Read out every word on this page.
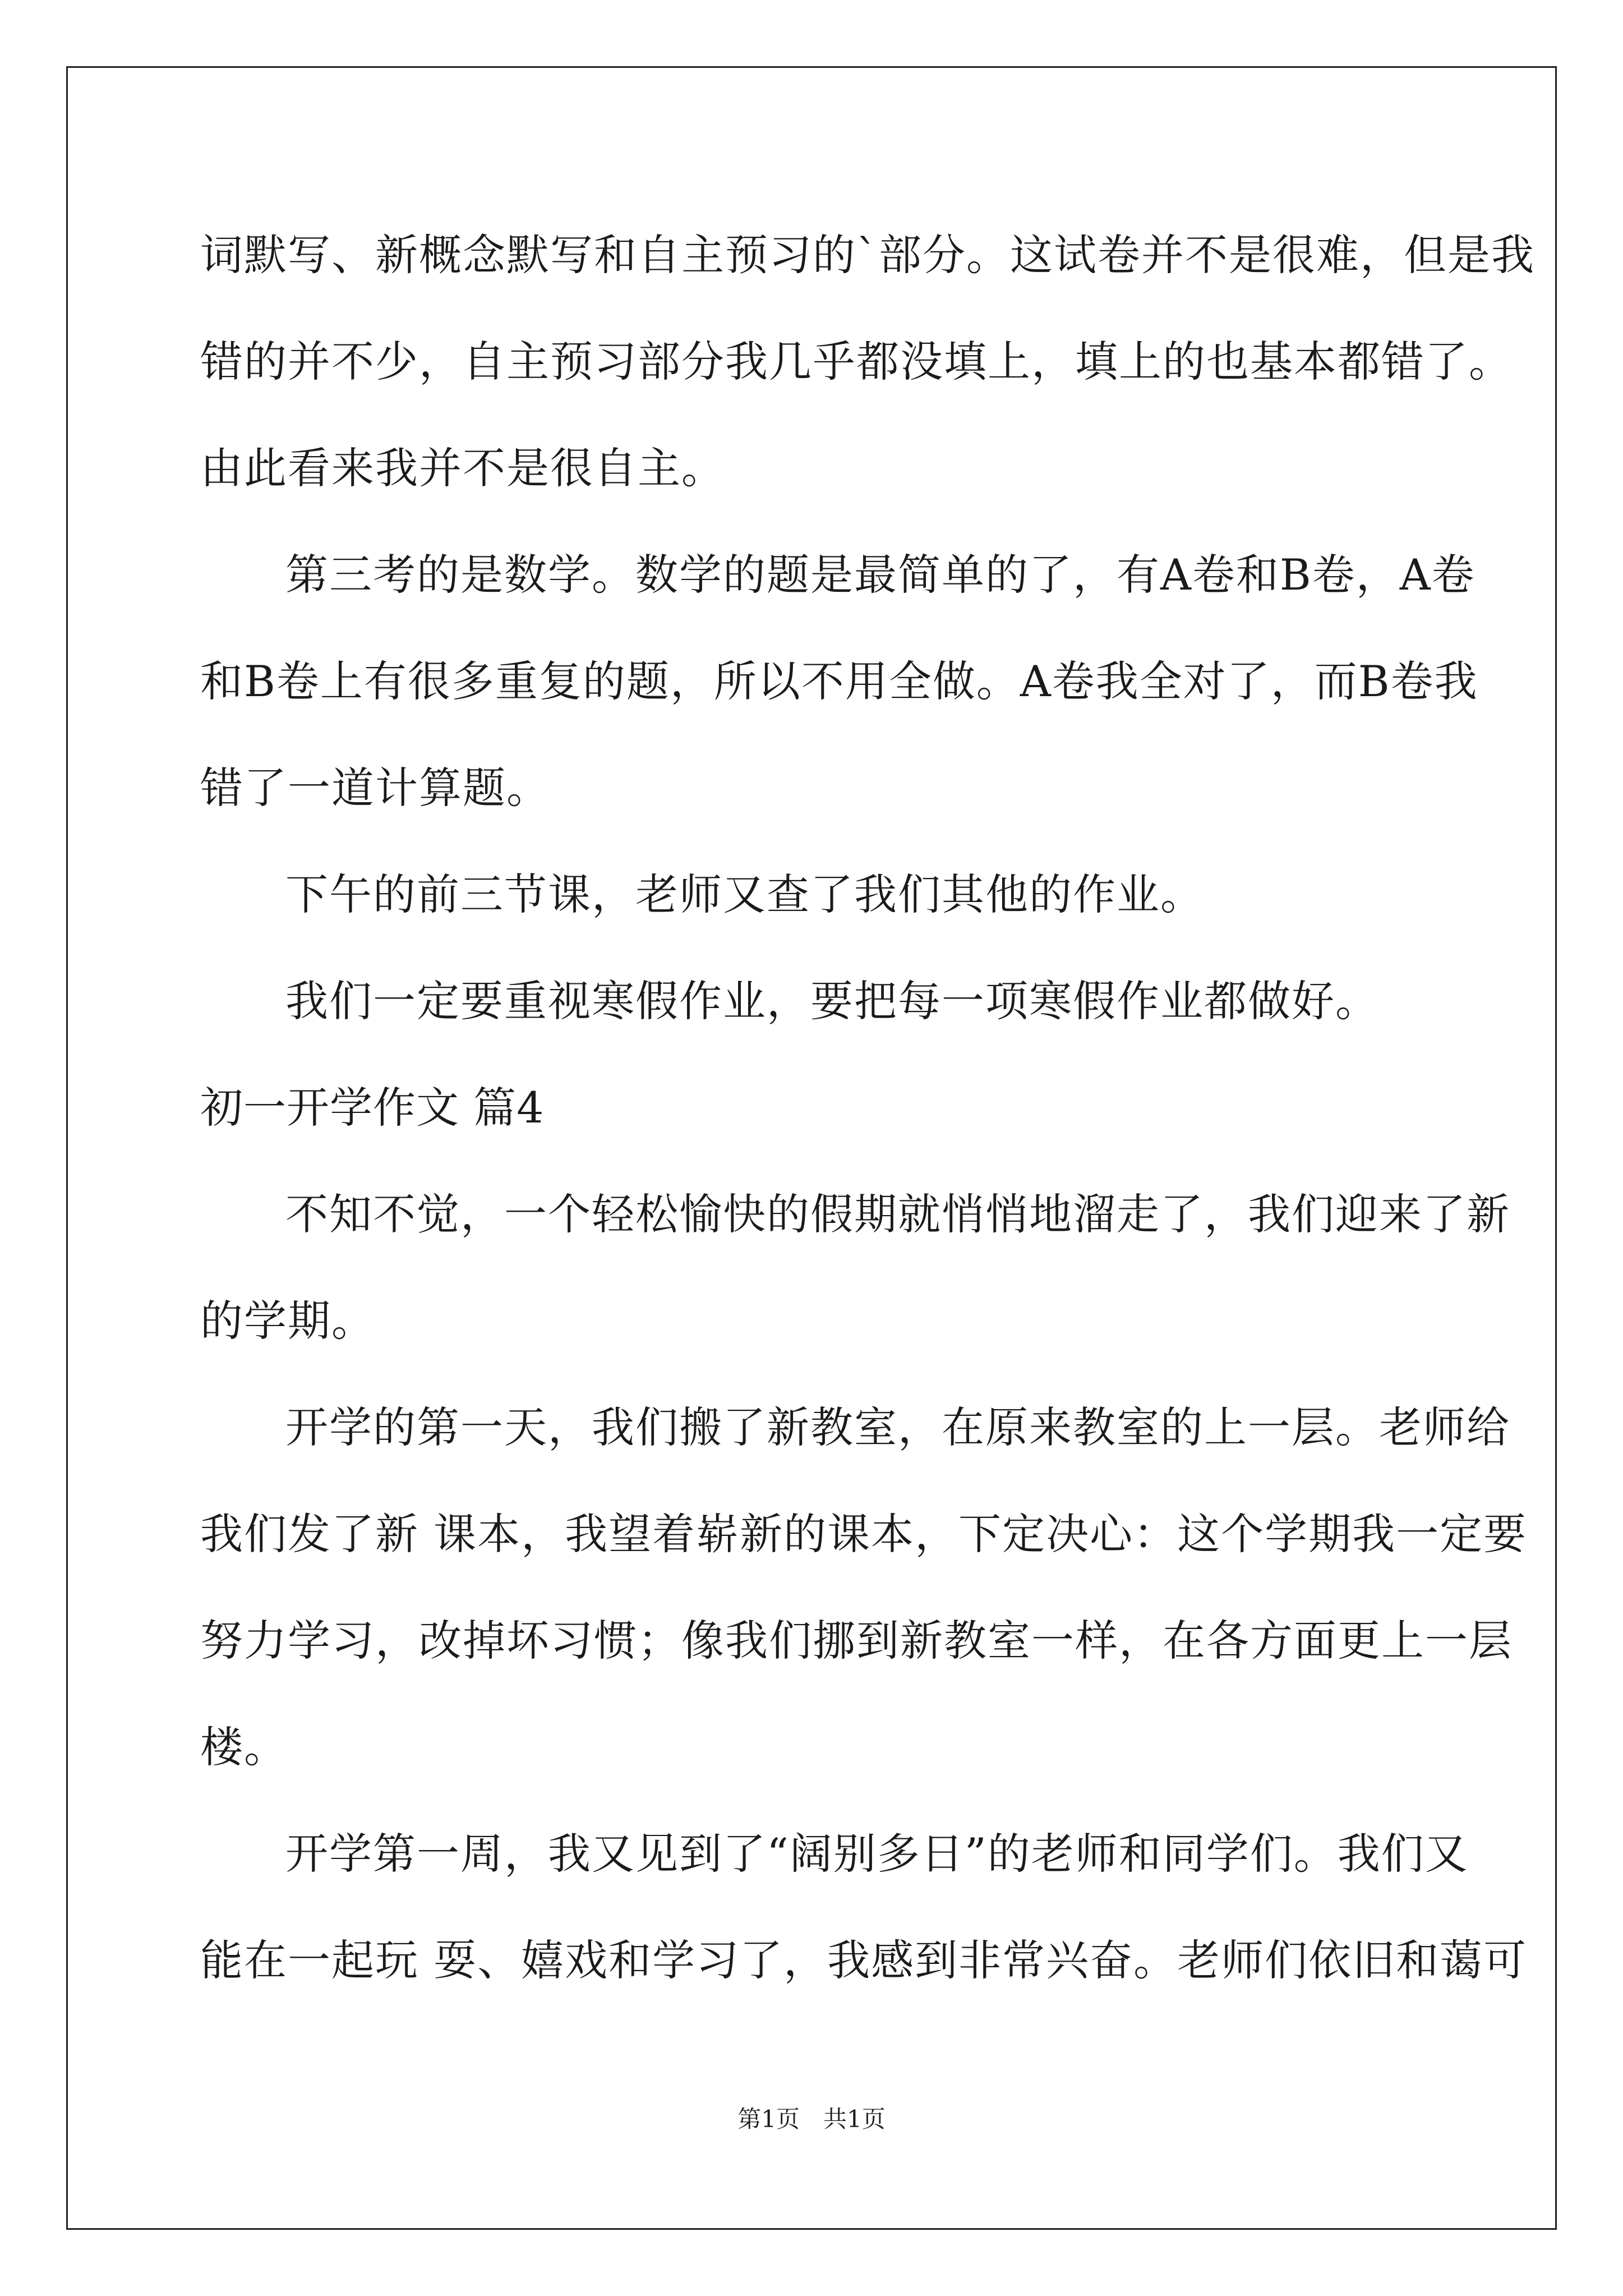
词默写、新概念默写和自主预习的`部分。这试卷并不是很难，但是我
错的并不少，自主预习部分我几乎都没填上，填上的也基本都错了。
由此看来我并不是很自主。
第三考的是数学。数学的题是最简单的了，有A卷和B卷，A卷
和B卷上有很多重复的题，所以不用全做。A卷我全对了，而B卷我
错了一道计算题。
下午的前三节课，老师又查了我们其他的作业。
我们一定要重视寒假作业，要把每一项寒假作业都做好。
初一开学作文 篇4
不知不觉，一个轻松愉快的假期就悄悄地溜走了，我们迎来了新
的学期。
开学的第一天，我们搬了新教室，在原来教室的上一层。老师给
我们发了新 课本，我望着崭新的课本，下定决心：这个学期我一定要
努力学习，改掉坏习惯；像我们挪到新教室一样，在各方面更上一层
楼。
开学第一周，我又见到了“阔别多日”的老师和同学们。我们又
能在一起玩 耍、嬉戏和学习了，我感到非常兴奋。老师们依旧和蔼可
第1页　共1页
